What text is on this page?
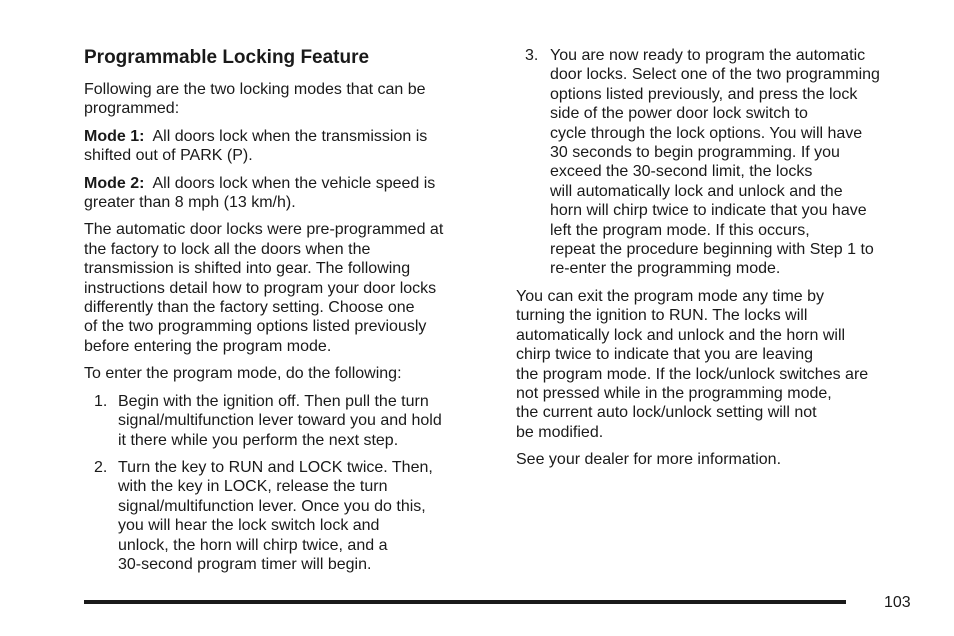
Programmable Locking Feature

Following are the two locking modes that can be
programmed:

Mode 1: All doors lock when the transmission is
shifted out of PARK (P).

Mode 2: All doors lock when the vehicle speed is
greater than 8 mph (13 km/h).

The automatic door locks were pre-programmed at
the factory to lock all the doors when the
transmission is shifted into gear. The following
instructions detail how to program your door locks
differently than the factory setting. Choose one
of the two programming options listed previously
before entering the program mode.

To enter the program mode, do the following:

1. Begin with the ignition off. Then pull the turn
signal/multifunction lever toward you and hold
it there while you perform the next step.
2. Turn the key to RUN and LOCK twice. Then,
with the key in LOCK, release the turn
signal/multifunction lever. Once you do this,
you will hear the lock switch lock and
unlock, the horn will chirp twice, and a
30-second program timer will begin.
3. You are now ready to program the automatic
door locks. Select one of the two programming
options listed previously, and press the lock
side of the power door lock switch to
cycle through the lock options. You will have
30 seconds to begin programming. If you
exceed the 30-second limit, the locks
will automatically lock and unlock and the
horn will chirp twice to indicate that you have
left the program mode. If this occurs,
repeat the procedure beginning with Step 1 to
re-enter the programming mode.

You can exit the program mode any time by
turning the ignition to RUN. The locks will
automatically lock and unlock and the horn will
chirp twice to indicate that you are leaving
the program mode. If the lock/unlock switches are
not pressed while in the programming mode,
the current auto lock/unlock setting will not
be modified.

See your dealer for more information.

103
